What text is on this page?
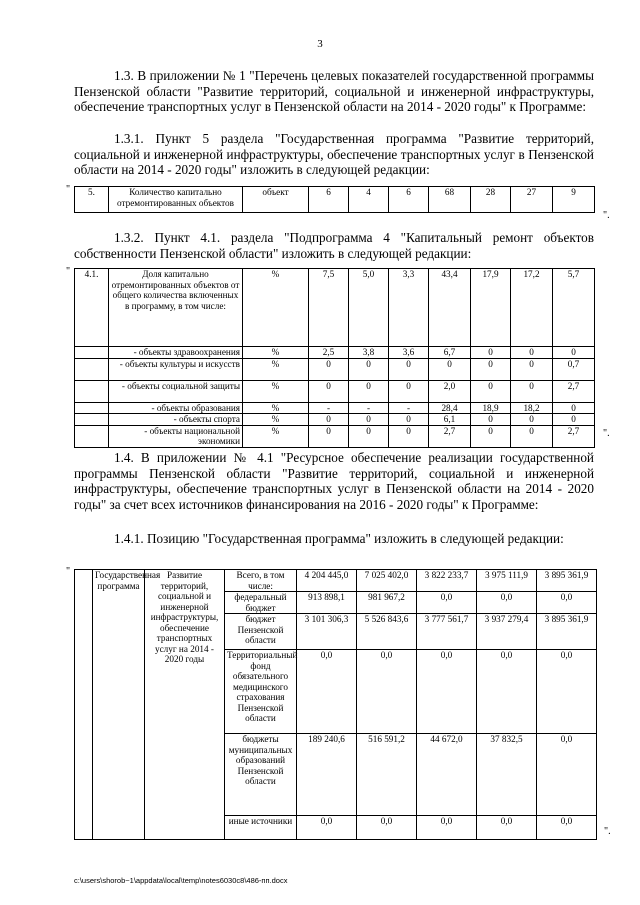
3

1.3. В приложении № 1 "Перечень целевых показателей государственной программы Пензенской области "Развитие территорий, социальной и инженерной инфраструктуры, обеспечение транспортных услуг в Пензенской области на 2014 - 2020 годы" к Программе:

1.3.1. Пункт 5 раздела "Государственная программа "Развитие территорий, социальной и инженерной инфраструктуры, обеспечение транспортных услуг в Пензенской области на 2014 - 2020 годы" изложить в следующей редакции:

" 5.	Количество капитально отремонтированных объектов	объект	6	4	6	68	28	27	9
".

1.3.2. Пункт 4.1. раздела "Подпрограмма 4 "Капитальный ремонт объектов собственности Пензенской области" изложить в следующей редакции:

" 4.1.	Доля капитально отремонтированных объектов от общего количества включенных в программу, в том числе:	%	7,5	5,0	3,3	43,4	17,9	17,2	5,7
	- объекты здравоохранения	%	2,5	3,8	3,6	6,7	0	0	0
	- объекты культуры и искусств	%	0	0	0	0	0	0	0,7
	- объекты социальной защиты	%	0	0	0	2,0	0	0	2,7
	- объекты образования	%	-	-	-	28,4	18,9	18,2	0
	- объекты спорта	%	0	0	0	6,1	0	0	0
	- объекты национальной экономики	%	0	0	0	2,7	0	0	2,7 ".

1.4. В приложении № 4.1 "Ресурсное обеспечение реализации государственной программы Пензенской области "Развитие территорий, социальной и инженерной инфраструктуры, обеспечение транспортных услуг в Пензенской области на 2014 - 2020 годы" за счет всех источников финансирования на 2016 - 2020 годы" к Программе:

1.4.1. Позицию "Государственная программа" изложить в следующей редакции:

"
		Государственная программа	Развитие территорий, социальной и инженерной инфраструктуры, обеспечение транспортных услуг на 2014 - 2020 годы	Всего, в том числе:	4 204 445,0	7 025 402,0	3 822 233,7	3 975 111,9	3 895 361,9
			федеральный бюджет	913 898,1	981 967,2	0,0	0,0	0,0
			бюджет Пензенской области	3 101 306,3	5 526 843,6	3 777 561,7	3 937 279,4	3 895 361,9
			Территориальный фонд обязательного медицинского страхования Пензенской области	0,0	0,0	0,0	0,0	0,0
			бюджеты муниципальных образований Пензенской области	189 240,6	516 591,2	44 672,0	37 832,5	0,0
			иные источники	0,0	0,0	0,0	0,0	0,0
".
c:\users\shorob~1\appdata\local\temp\notes6030c8\486-пп.docx
